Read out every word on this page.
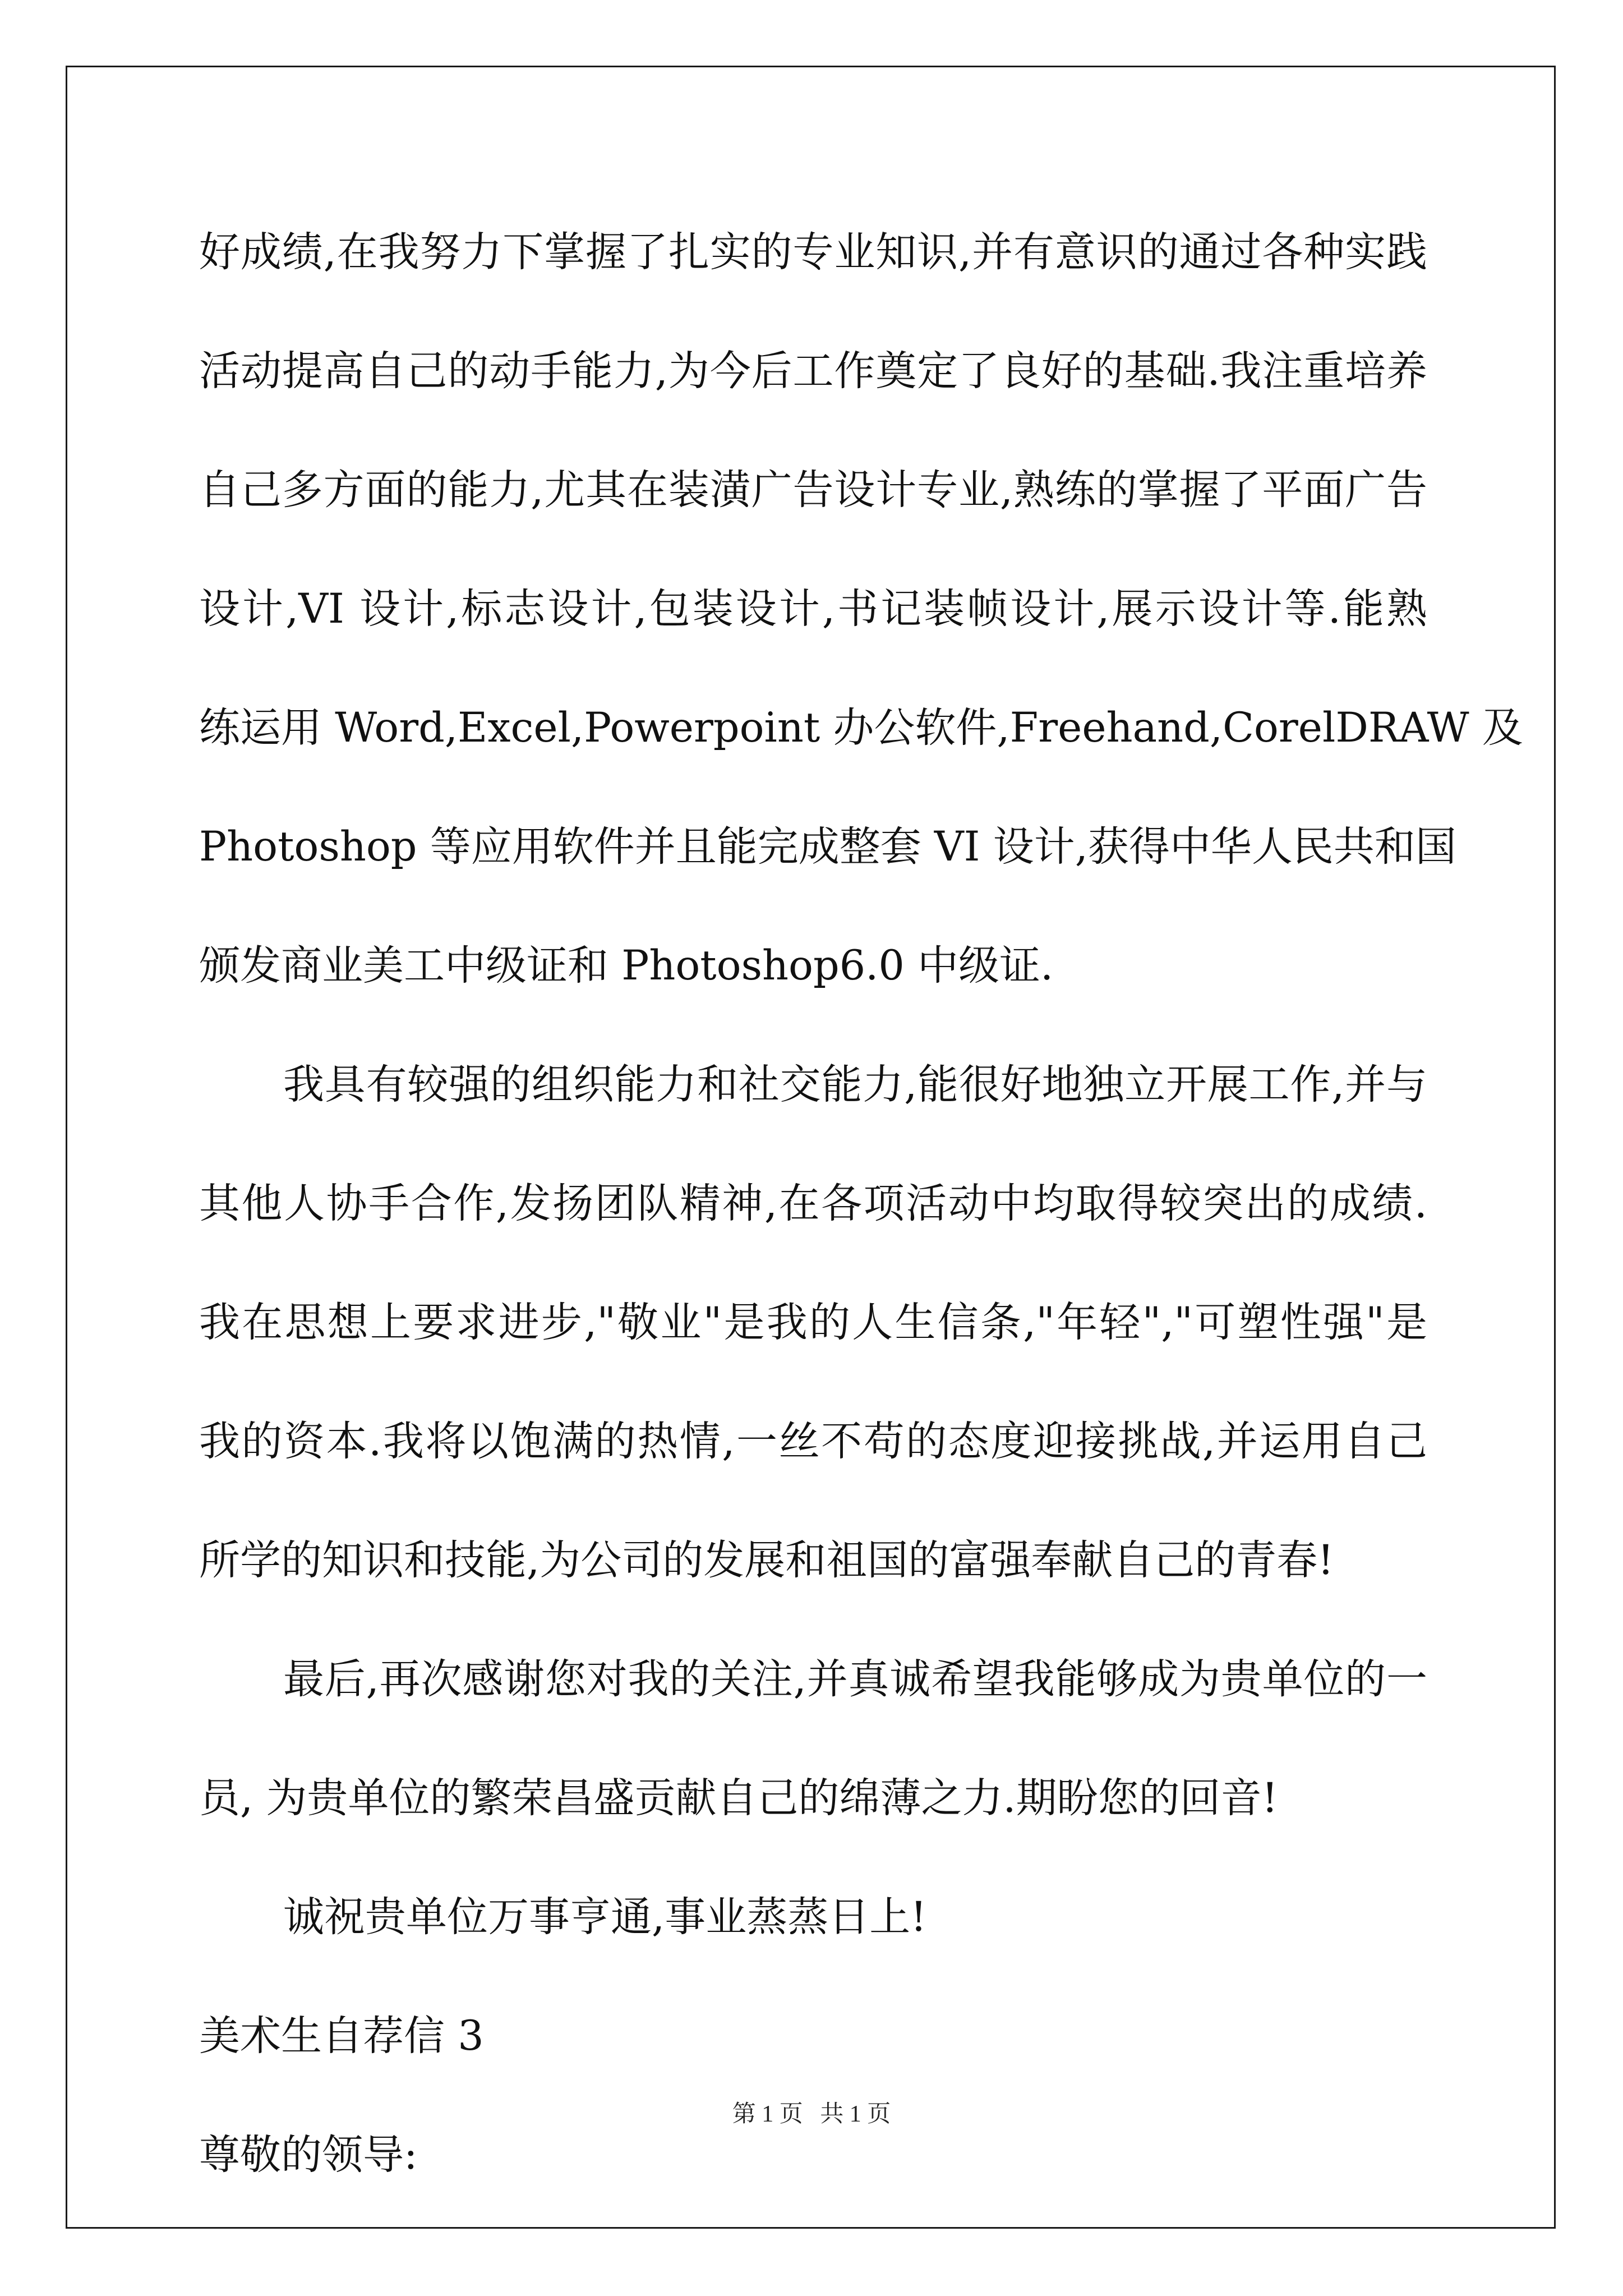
好成绩,在我努力下掌握了扎实的专业知识,并有意识的通过各种实践
活动提高自己的动手能力,为今后工作奠定了良好的基础.我注重培养
自己多方面的能力,尤其在装潢广告设计专业,熟练的掌握了平面广告
设计,VI 设计,标志设计,包装设计,书记装帧设计,展示设计等.能熟
练运用 Word,Excel,Powerpoint 办公软件,Freehand,CorelDRAW 及
Photoshop 等应用软件并且能完成整套 VI 设计,获得中华人民共和国
颁发商业美工中级证和 Photoshop6.0 中级证.
我具有较强的组织能力和社交能力,能很好地独立开展工作,并与
其他人协手合作,发扬团队精神,在各项活动中均取得较突出的成绩.
我在思想上要求进步,"敬业"是我的人生信条,"年轻","可塑性强"是
我的资本.我将以饱满的热情,一丝不苟的态度迎接挑战,并运用自己
所学的知识和技能,为公司的发展和祖国的富强奉献自己的青春!
最后,再次感谢您对我的关注,并真诚希望我能够成为贵单位的一
员, 为贵单位的繁荣昌盛贡献自己的绵薄之力.期盼您的回音!
诚祝贵单位万事亨通,事业蒸蒸日上!
美术生自荐信 3
尊敬的领导:
第 1 页 共 1 页
